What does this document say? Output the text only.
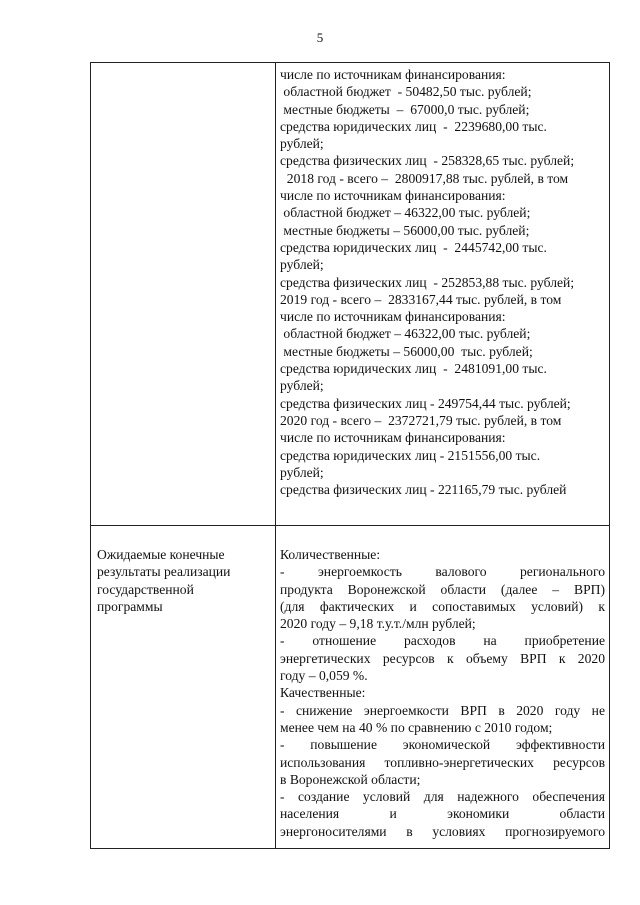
5
числе по источникам финансирования:
областной бюджет  - 50482,50 тыс. рублей;
местные бюджеты  –  67000,0 тыс. рублей;
средства юридических лиц  -  2239680,00 тыс.
рублей;
средства физических лиц  - 258328,65 тыс. рублей;
2018 год - всего –  2800917,88 тыс. рублей, в том
числе по источникам финансирования:
областной бюджет – 46322,00 тыс. рублей;
местные бюджеты – 56000,00 тыс. рублей;
средства юридических лиц  -  2445742,00 тыс.
рублей;
средства физических лиц  - 252853,88 тыс. рублей;
2019 год - всего –  2833167,44 тыс. рублей, в том
числе по источникам финансирования:
областной бюджет – 46322,00 тыс. рублей;
местные бюджеты – 56000,00  тыс. рублей;
средства юридических лиц  -  2481091,00 тыс.
рублей;
средства физических лиц - 249754,44 тыс. рублей;
2020 год - всего –  2372721,79 тыс. рублей, в том
числе по источникам финансирования:
средства юридических лиц - 2151556,00 тыс.
рублей;
средства физических лиц - 221165,79 тыс. рублей
Ожидаемые конечные
результаты реализации
государственной
программы
Количественные:
- энергоемкость валового регионального
продукта Воронежской области (далее – ВРП)
(для фактических и сопоставимых условий) к
2020 году – 9,18 т.у.т./млн рублей;
- отношение расходов на приобретение
энергетических ресурсов к объему ВРП к 2020
году – 0,059 %.
Качественные:
- снижение энергоемкости ВРП в 2020 году не
менее чем на 40 % по сравнению с 2010 годом;
- повышение экономической эффективности
использования топливно-энергетических ресурсов
в Воронежской области;
- создание условий для надежного обеспечения
населения и экономики области
энергоносителями в условиях прогнозируемого
